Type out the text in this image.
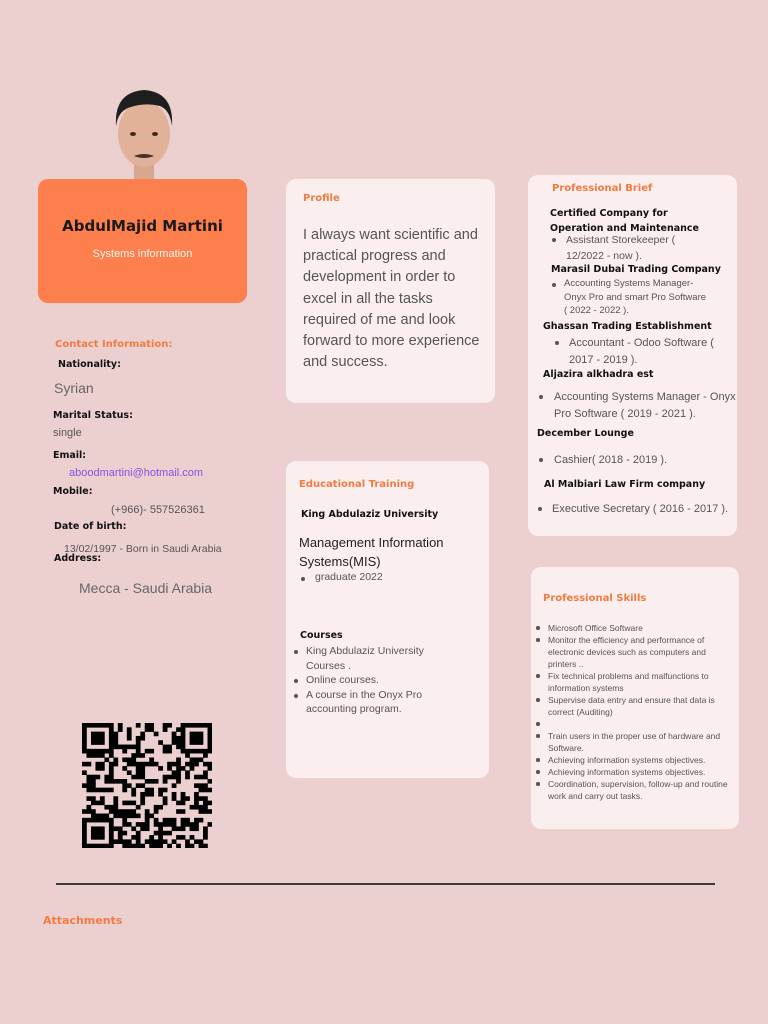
AbdulMajid Martini
Systems information
Contact Information:
Nationality:
Syrian
Marital Status:
single
Email:
aboodmartini@hotmail.com
Mobile:
(+966)- 557526361
Date of birth:
13/02/1997 - Born in Saudi Arabia
Address:
Mecca - Saudi Arabia
Profile
I always want scientific and practical progress and development in order to excel in all the tasks required of me and look forward to more experience and success.
Educational Training
King Abdulaziz University
Management Information Systems(MIS)
graduate 2022
Courses
King Abdulaziz University Courses .
Online courses.
A course in the Onyx Pro accounting program.
Professional Brief
Certified Company for Operation and Maintenance
Assistant Storekeeper ( 12/2022 - now ).
Marasil Dubai Trading Company
Accounting Systems Manager- Onyx Pro and smart Pro Software ( 2022 - 2022 ).
Ghassan Trading Establishment
Accountant - Odoo Software ( 2017 - 2019 ).
Aljazira alkhadra est
Accounting Systems Manager - Onyx Pro Software ( 2019 - 2021 ).
December Lounge
Cashier( 2018 - 2019 ).
Al Malbiari Law Firm company
Executive Secretary ( 2016 - 2017 ).
Professional Skills
Microsoft Office Software
Monitor the efficiency and performance of electronic devices such as computers and printers ..
Fix technical problems and malfunctions to information systems
Supervise data entry and ensure that data is correct (Auditing)
Train users in the proper use of hardware and Software.
Achieving information systems objectives.
Achieving information systems objectives.
Coordination, supervision, follow-up and routine work and carry out tasks.
Attachments
